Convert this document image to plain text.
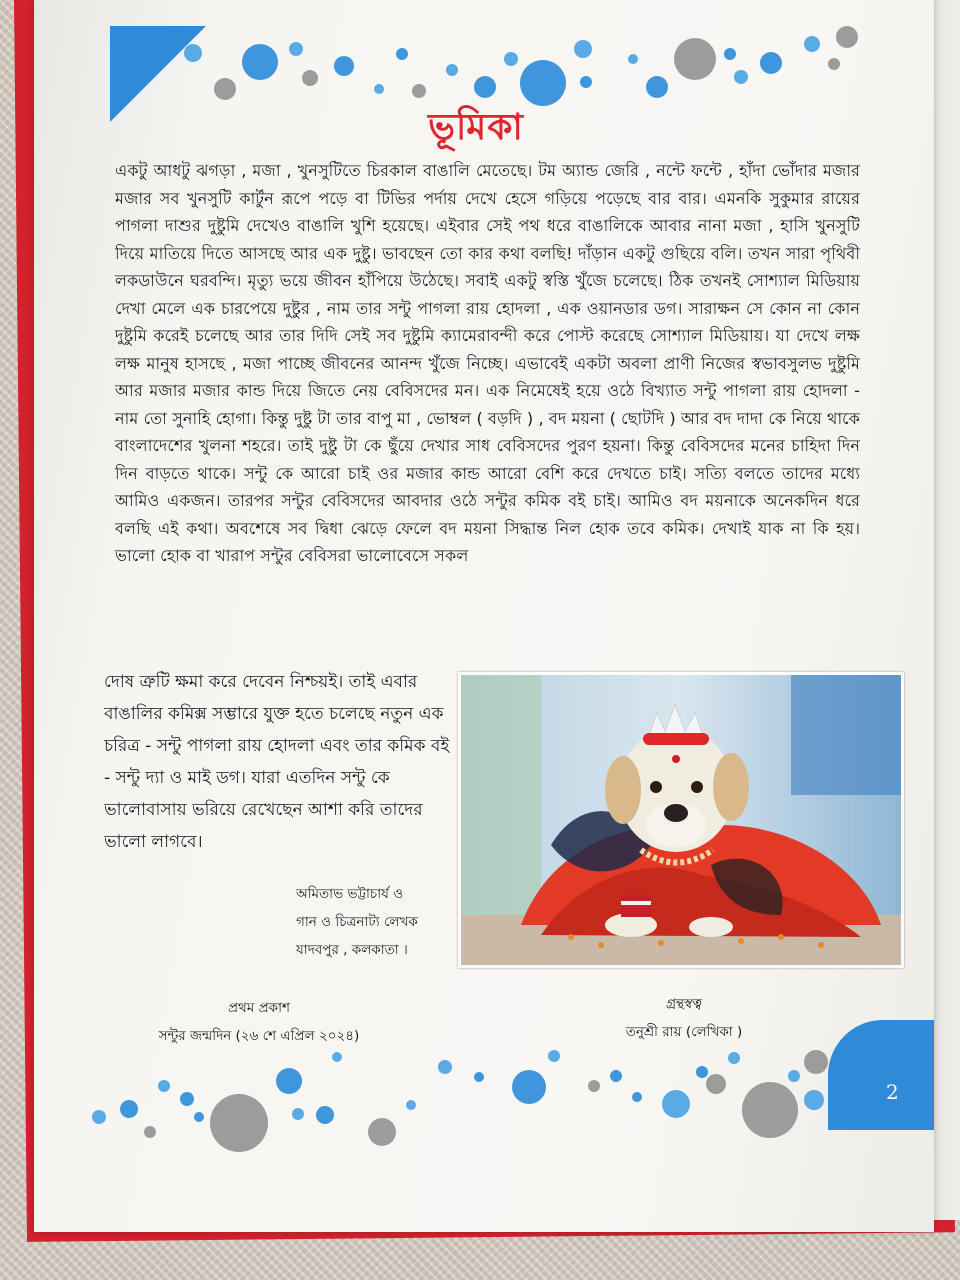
ভূমিকা

একটু আধটু ঝগড়া , মজা , খুনসুটিতে চিরকাল বাঙালি মেতেছে। টম অ্যান্ড জেরি , নন্টে ফন্টে , হাঁদা ভোঁদার মজার মজার সব খুনসুটি কার্টুন রূপে পড়ে বা টিভির পর্দায় দেখে হেসে গড়িয়ে পড়েছে বার বার। এমনকি সুকুমার রায়ের পাগলা দাশুর দুষ্টুমি দেখেও বাঙালি খুশি হয়েছে। এইবার সেই পথ ধরে বাঙালিকে আবার নানা মজা , হাসি খুনসুটি দিয়ে মাতিয়ে দিতে আসছে আর এক দুষ্টু। ভাবছেন তো কার কথা বলছি! দাঁড়ান একটু গুছিয়ে বলি। তখন সারা পৃথিবী লকডাউনে ঘরবন্দি। মৃত্যু ভয়ে জীবন হাঁপিয়ে উঠেছে। সবাই একটু স্বস্তি খুঁজে চলেছে। ঠিক তখনই সোশ্যাল মিডিয়ায় দেখা মেলে এক চারপেয়ে দুষ্টুর , নাম তার সন্টু পাগলা রায় হোদলা , এক ওয়ানডার ডগ। সারাক্ষন সে কোন না কোন দুষ্টুমি করেই চলেছে আর তার দিদি সেই সব দুষ্টুমি ক্যামেরাবন্দী করে পোস্ট করেছে সোশ্যাল মিডিয়ায়। যা দেখে লক্ষ লক্ষ মানুষ হাসছে , মজা পাচ্ছে জীবনের আনন্দ খুঁজে নিচ্ছে। এভাবেই একটা অবলা প্রাণী নিজের স্বভাবসুলভ দুষ্টুমি আর মজার মজার কান্ড দিয়ে জিতে নেয় বেবিসদের মন। এক নিমেষেই হয়ে ওঠে বিখ্যাত সন্টু পাগলা রায় হোদলা - নাম তো সুনাহি হোগা। কিন্তু দুষ্টু টা তার বাপু মা , ভোম্বল ( বড়দি ) , বদ ময়না ( ছোটদি ) আর বদ দাদা কে নিয়ে থাকে বাংলাদেশের খুলনা শহরে। তাই দুষ্টু টা কে ছুঁয়ে দেখার সাধ বেবিসদের পুরণ হয়না। কিন্তু বেবিসদের মনের চাহিদা দিন দিন বাড়তে থাকে। সন্টু কে আরো চাই ওর মজার কান্ড আরো বেশি করে দেখতে চাই। সত্যি বলতে তাদের মধ্যে আমিও একজন। তারপর সন্টুর বেবিসদের আবদার ওঠে সন্টুর কমিক বই চাই। আমিও বদ ময়নাকে অনেকদিন ধরে বলছি এই কথা। অবশেষে সব দ্বিধা ঝেড়ে ফেলে বদ ময়না সিদ্ধান্ত নিল হোক তবে কমিক। দেখাই যাক না কি হয়। ভালো হোক বা খারাপ সন্টুর বেবিসরা ভালোবেসে সকল

দোষ ত্রুটি ক্ষমা করে দেবেন নিশ্চয়ই। তাই এবার বাঙালির কমিক্স সম্ভারে যুক্ত হতে চলেছে নতুন এক চরিত্র - সন্টু পাগলা রায় হোদলা এবং তার কমিক বই - সন্টু দ্যা ও মাই ডগ। যারা এতদিন সন্টু কে ভালোবাসায় ভরিয়ে রেখেছেন আশা করি তাদের ভালো লাগবে।

অমিতাভ ভট্টাচার্য ও
গান ও চিত্রনাট্য লেখক
যাদবপুর , কলকাতা ।
প্রথম প্রকাশ
সন্টুর জন্মদিন (২৬ শে এপ্রিল ২০২৪)
গ্রন্থস্বত্ব
তনুশ্রী রায় (লেখিকা )
2
